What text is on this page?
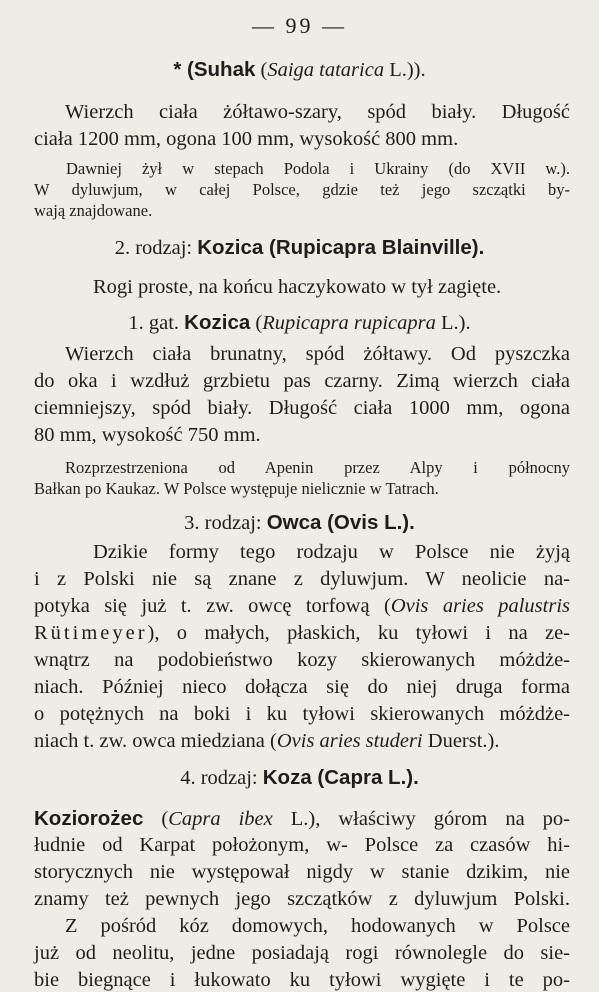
— 99 —
* (Suhak (Saiga tatarica L.)).
Wierzch ciała żółtawo-szary, spód biały. Długość
ciała 1200 mm, ogona 100 mm, wysokość 800 mm.
Dawniej żył w stepach Podola i Ukrainy (do XVII w.).
W dyluwjum, w całej Polsce, gdzie też jego szczątki by-
wają znajdowane.
2. rodzaj: Kozica (Rupicapra Blainville).
Rogi proste, na końcu haczykowato w tył zagięte.
1. gat. Kozica (Rupicapra rupicapra L.).
Wierzch ciała brunatny, spód żółtawy. Od pyszczka
do oka i wzdłuż grzbietu pas czarny. Zimą wierzch ciała
ciemniejszy, spód biały. Długość ciała 1000 mm, ogona
80 mm, wysokość 750 mm.
Rozprzestrzeniona od Apenin przez Alpy i północny
Bałkan po Kaukaz. W Polsce występuje nielicznie w Tatrach.
3. rodzaj: Owca (Ovis L.).
Dzikie formy tego rodzaju w Polsce nie żyją
i z Polski nie są znane z dyluwjum. W neolicie na-
potyka się już t. zw. owcę torfową (Ovis aries palustris
Rütimeyer), o małych, płaskich, ku tyłowi i na ze-
wnątrz na podobieństwo kozy skierowanych móżdże-
niach. Później nieco dołącza się do niej druga forma
o potężnych na boki i ku tyłowi skierowanych móżdże-
niach t. zw. owca miedziana (Ovis aries studeri Duerst.).
4. rodzaj: Koza (Capra L.).
Koziorożec (Capra ibex L.), właściwy górom na po-
łudnie od Karpat położonym, w- Polsce za czasów hi-
storycznych nie występował nigdy w stanie dzikim, nie
znamy też pewnych jego szczątków z dyluwjum Polski.
Z pośród kóz domowych, hodowanych w Polsce
już od neolitu, jedne posiadają rogi równolegle do sie-
bie biegnące i łukowato ku tyłowi wygięte i te po-
